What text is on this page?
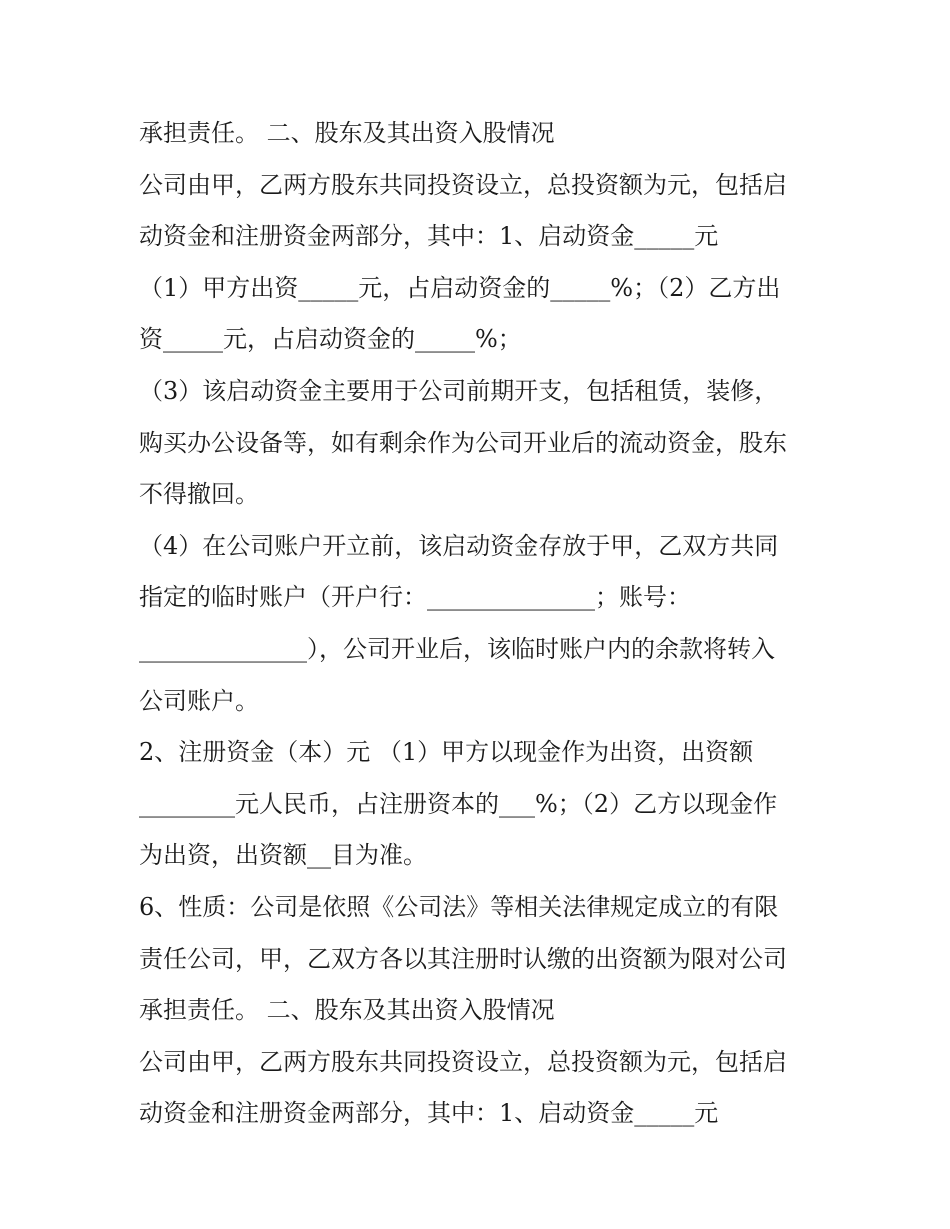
承担责任。 二、股东及其出资入股情况
公司由甲，乙两方股东共同投资设立，总投资额为元，包括启
动资金和注册资金两部分，其中：1、启动资金_____元
（1）甲方出资_____元，占启动资金的_____%；（2）乙方出
资_____元，占启动资金的_____%；
（3）该启动资金主要用于公司前期开支，包括租赁，装修，
购买办公设备等，如有剩余作为公司开业后的流动资金，股东
不得撤回。
（4）在公司账户开立前，该启动资金存放于甲，乙双方共同
指定的临时账户（开户行：______________；账号：
______________），公司开业后，该临时账户内的余款将转入
公司账户。
2、注册资金（本）元 （1）甲方以现金作为出资，出资额
________元人民币，占注册资本的___%；（2）乙方以现金作
为出资，出资额__目为准。
6、性质：公司是依照《公司法》等相关法律规定成立的有限
责任公司，甲，乙双方各以其注册时认缴的出资额为限对公司
承担责任。 二、股东及其出资入股情况
公司由甲，乙两方股东共同投资设立，总投资额为元，包括启
动资金和注册资金两部分，其中：1、启动资金_____元
